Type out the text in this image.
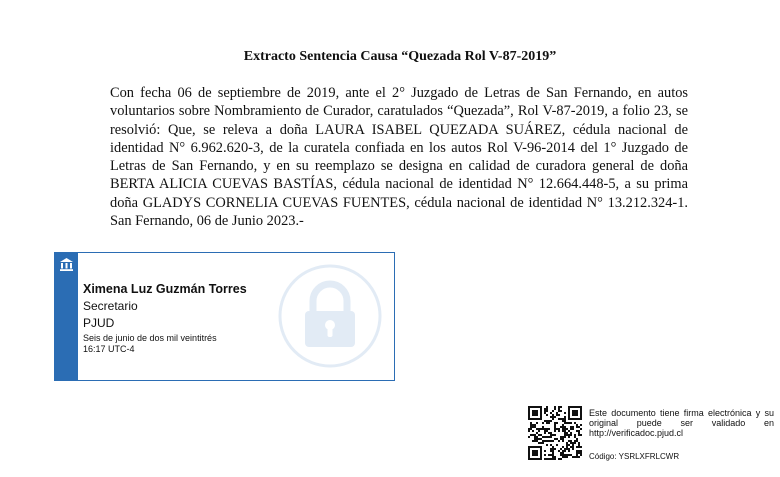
Extracto Sentencia Causa “Quezada Rol V-87-2019”
Con fecha 06 de septiembre de 2019, ante el 2° Juzgado de Letras de San Fernando, en autos voluntarios sobre Nombramiento de Curador, caratulados “Quezada”, Rol V-87-2019, a folio 23, se resolvió: Que, se releva a doña LAURA ISABEL QUEZADA SUÁREZ, cédula nacional de identidad N° 6.962.620-3, de la curatela confiada en los autos Rol V-96-2014 del 1° Juzgado de Letras de San Fernando, y en su reemplazo se designa en calidad de curadora general de doña BERTA ALICIA CUEVAS BASTÍAS, cédula nacional de identidad N° 12.664.448-5, a su prima doña GLADYS CORNELIA CUEVAS FUENTES, cédula nacional de identidad N° 13.212.324-1. San Fernando, 06 de Junio 2023.-
Ximena Luz Guzmán Torres
Secretario
PJUD
Seis de junio de dos mil veintitrés
16:17 UTC-4
Este documento tiene firma electrónica y su original puede ser validado en http://verificadoc.pjud.cl
Código: YSRLXFRLCWR
